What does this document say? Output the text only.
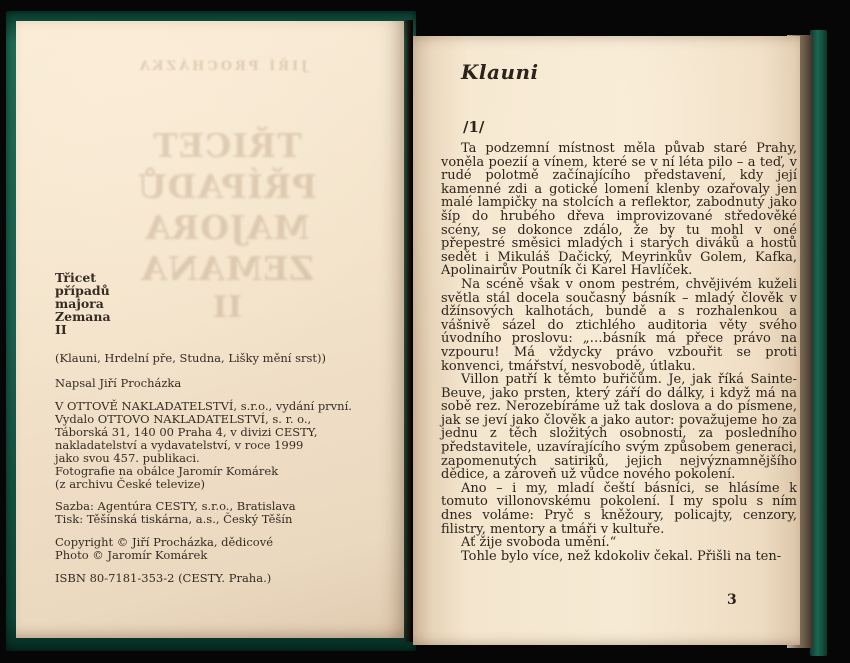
JIŘÍ PROCHÁZKA
TŘICET
PŘÍPADŮ
MAJORA
ZEMANA
II
Třicet
případů
majora
Zemana
II
(Klauni, Hrdelní pře, Studna, Lišky mění srst))
Napsal Jiří Procházka
V OTTOVĚ NAKLADATELSTVÍ, s.r.o., vydání první.
Vydalo OTTOVO NAKLADATELSTVÍ, s. r. o.,
Táborská 31, 140 00 Praha 4, v divizi CESTY,
nakladatelství a vydavatelství, v roce 1999
jako svou 457. publikaci.
Fotografie na obálce Jaromír Komárek
(z archivu České televize)
Sazba: Agentúra CESTY, s.r.o., Bratislava
Tisk: Těšínská tiskárna, a.s., Český Těšín
Copyright © Jiří Procházka, dědicové
Photo © Jaromír Komárek
ISBN 80-7181-353-2 (CESTY. Praha.)
Klauni
/1/

Ta podzemní místnost měla půvab staré Prahy, voněla poezií a vínem, které se v ní léta pilo – a teď, v rudé polotmě začínajícího představení, kdy její kamenné zdi a gotické lomení klenby ozařovaly jen malé lampičky na stolcích a reflektor, zabodnutý jako šíp do hrubého dřeva improvizované středověké scény, se dokonce zdálo, že by tu mohl v oné přepestré směsici mladých i starých diváků a hostů sedět i Mikuláš Dačický, Meyrinkův Golem, Kafka, Apolinairův Poutník či Karel Havlíček.

Na scéně však v onom pestrém, chvějivém kuželi světla stál docela současný básník – mladý člověk v džínsových kalhotách, bundě a s rozhalenkou a vášnivě sázel do ztichlého auditoria věty svého úvodního proslovu: „…básník má přece právo na vzpouru! Má vždycky právo vzbouřit se proti konvenci, tmářství, nesvobodě, útlaku.

Villon patří k těmto buřičům. Je, jak říká Sainte-Beuve, jako prsten, který září do dálky, i když má na sobě rez. Nerozebíráme už tak doslova a do písmene, jak se jeví jako člověk a jako autor: považujeme ho za jednu z těch složitých osobností, za posledního představitele, uzavírajícího svým způsobem generaci, zapomenutých satiriků, jejich nejvýznamnějšího dědice, a zároveň už vůdce nového pokolení.

Ano – i my, mladí čeští básníci, se hlásíme k tomuto villonovskému pokolení. I my spolu s ním dnes voláme: Pryč s kněžoury, policajty, cenzory, filistry, mentory a tmáři v kultuře.

Ať žije svoboda umění.“

Tohle bylo více, než kdokoliv čekal. Přišli na ten-

3
